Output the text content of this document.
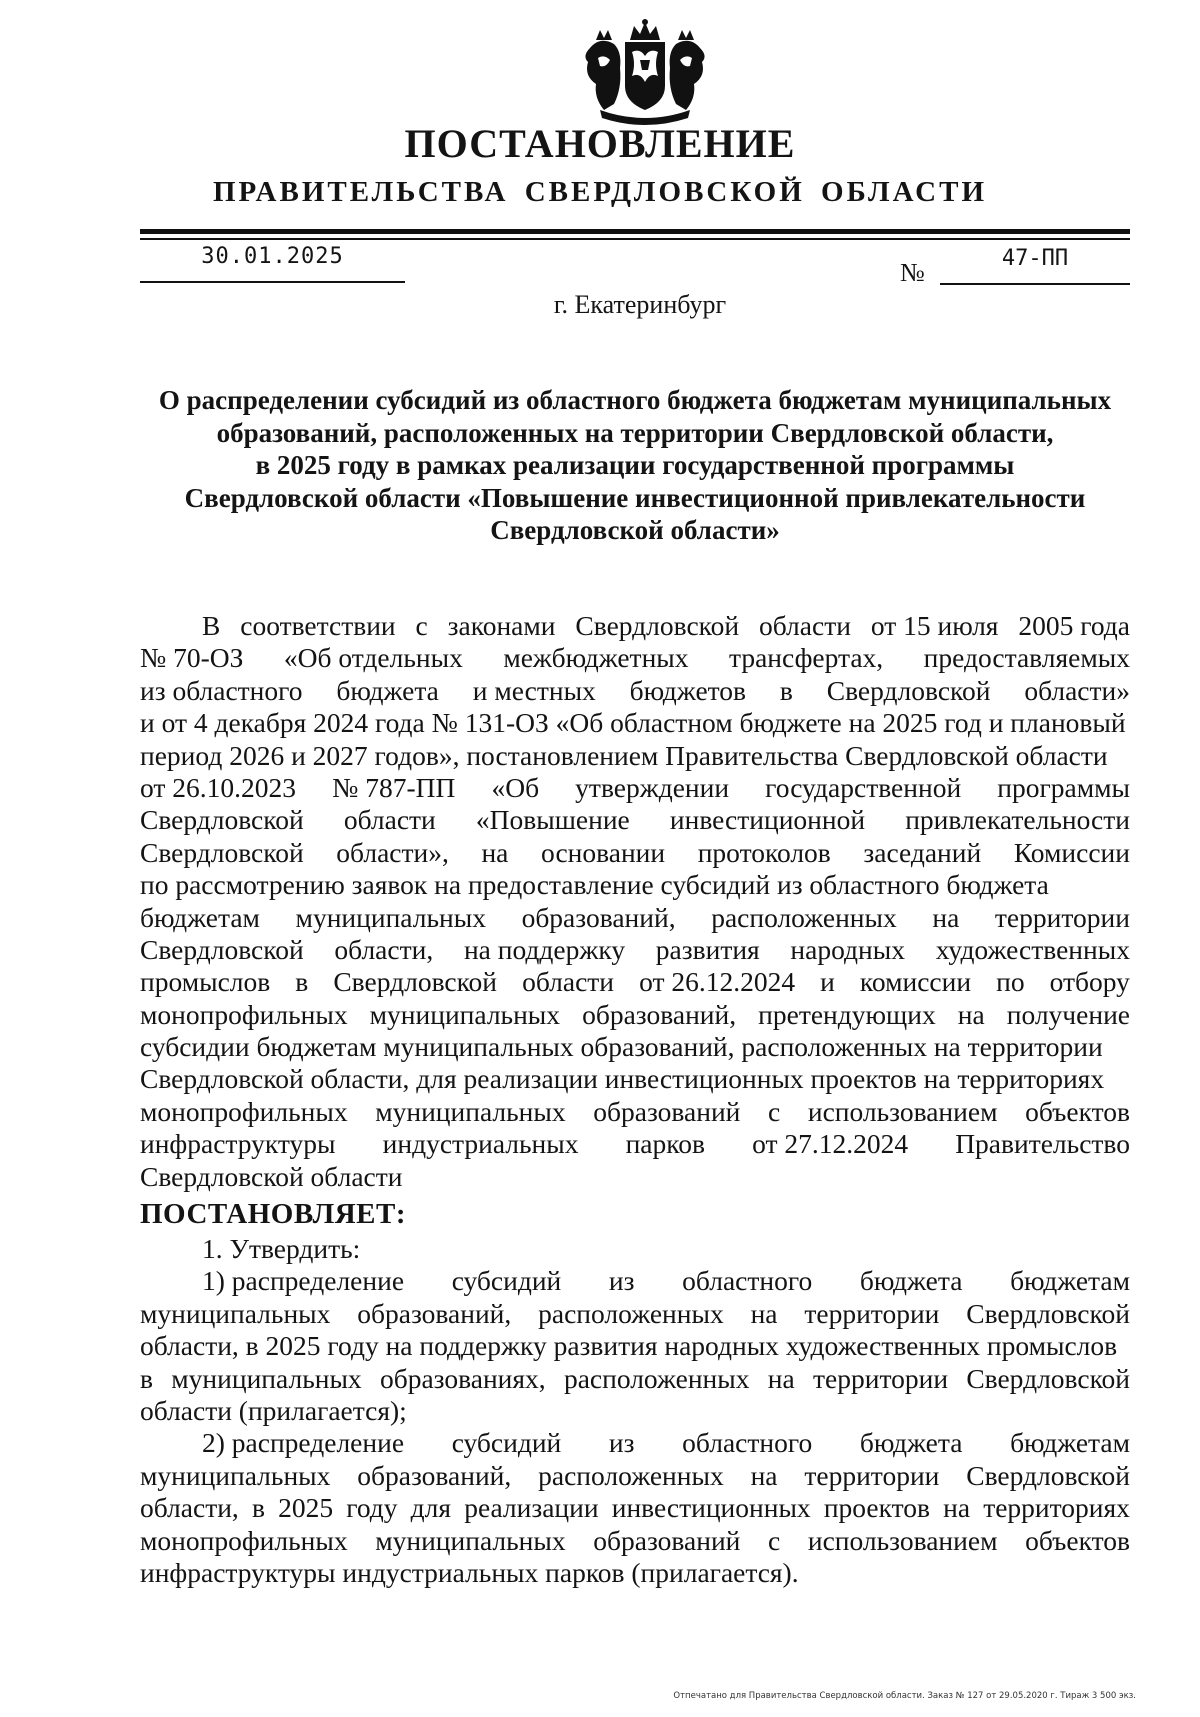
ПОСТАНОВЛЕНИЕ
ПРАВИТЕЛЬСТВА СВЕРДЛОВСКОЙ ОБЛАСТИ
30.01.2025
№	47-ПП
г. Екатеринбург
О распределении субсидий из областного бюджета бюджетам муниципальных
образований, расположенных на территории Свердловской области,
в 2025 году в рамках реализации государственной программы
Свердловской области «Повышение инвестиционной привлекательности
Свердловской области»
В соответствии с законами Свердловской области от 15 июля 2005 года
№ 70-ОЗ «Об отдельных межбюджетных трансфертах, предоставляемых
из областного бюджета и местных бюджетов в Свердловской области»
и от 4 декабря 2024 года № 131-ОЗ «Об областном бюджете на 2025 год и плановый
период 2026 и 2027 годов», постановлением Правительства Свердловской области
от 26.10.2023 № 787-ПП «Об утверждении государственной программы
Свердловской области «Повышение инвестиционной привлекательности
Свердловской области», на основании протоколов заседаний Комиссии
по рассмотрению заявок на предоставление субсидий из областного бюджета
бюджетам муниципальных образований, расположенных на территории
Свердловской области, на поддержку развития народных художественных
промыслов в Свердловской области от 26.12.2024 и комиссии по отбору
монопрофильных муниципальных образований, претендующих на получение
субсидии бюджетам муниципальных образований, расположенных на территории
Свердловской области, для реализации инвестиционных проектов на территориях
монопрофильных муниципальных образований с использованием объектов
инфраструктуры индустриальных парков от 27.12.2024 Правительство
Свердловской области
ПОСТАНОВЛЯЕТ:
1. Утвердить:
1) распределение субсидий из областного бюджета бюджетам
муниципальных образований, расположенных на территории Свердловской
области, в 2025 году на поддержку развития народных художественных промыслов
в муниципальных образованиях, расположенных на территории Свердловской
области (прилагается);
2) распределение субсидий из областного бюджета бюджетам
муниципальных образований, расположенных на территории Свердловской
области, в 2025 году для реализации инвестиционных проектов на территориях
монопрофильных муниципальных образований с использованием объектов
инфраструктуры индустриальных парков (прилагается).
Отпечатано для Правительства Свердловской области. Заказ № 127 от 29.05.2020 г. Тираж 3 500 экз.
